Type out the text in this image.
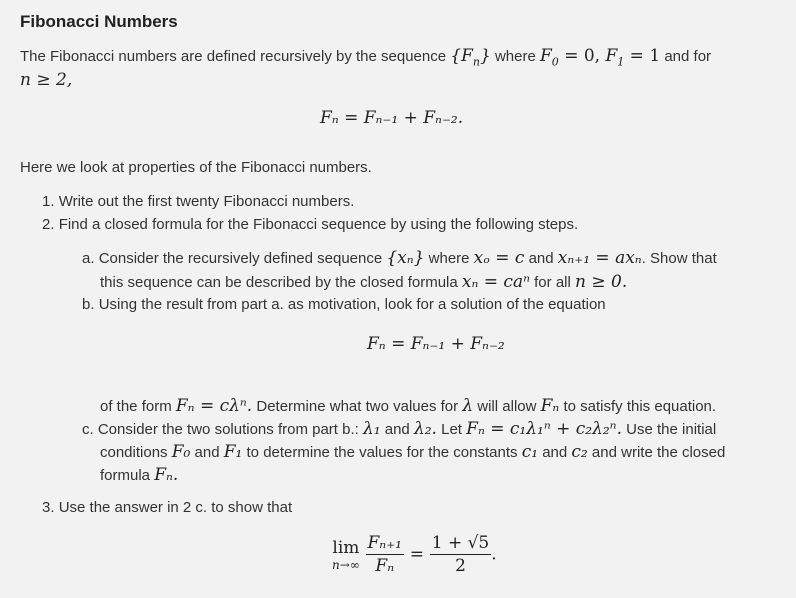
Fibonacci Numbers
The Fibonacci numbers are defined recursively by the sequence $\{F_n\}$ where $F_0 = 0$, $F_1 = 1$ and for
n ≥ 2,
Fₙ = Fₙ₋₁ + Fₙ₋₂.
Here we look at properties of the Fibonacci numbers.
1. Write out the first twenty Fibonacci numbers.
2. Find a closed formula for the Fibonacci sequence by using the following steps.
a. Consider the recursively defined sequence {xₙ} where xₒ = c and xₙ₊₁ = axₙ. Show that
this sequence can be described by the closed formula xₙ = caⁿ for all n ≥ 0.
b. Using the result from part a. as motivation, look for a solution of the equation
Fₙ = Fₙ₋₁ + Fₙ₋₂
of the form Fₙ = cλⁿ. Determine what two values for λ will allow Fₙ to satisfy this equation.
c. Consider the two solutions from part b.: λ₁ and λ₂. Let Fₙ = c₁λ₁ⁿ + c₂λ₂ⁿ. Use the initial
conditions F₀ and F₁ to determine the values for the constants c₁ and c₂ and write the closed
formula Fₙ.
3. Use the answer in 2 c. to show that
lim
n→∞
$\frac{\text{Fₙ₊₁}}{\text{Fₙ}} = \frac{1 + √5}{2}$ .
